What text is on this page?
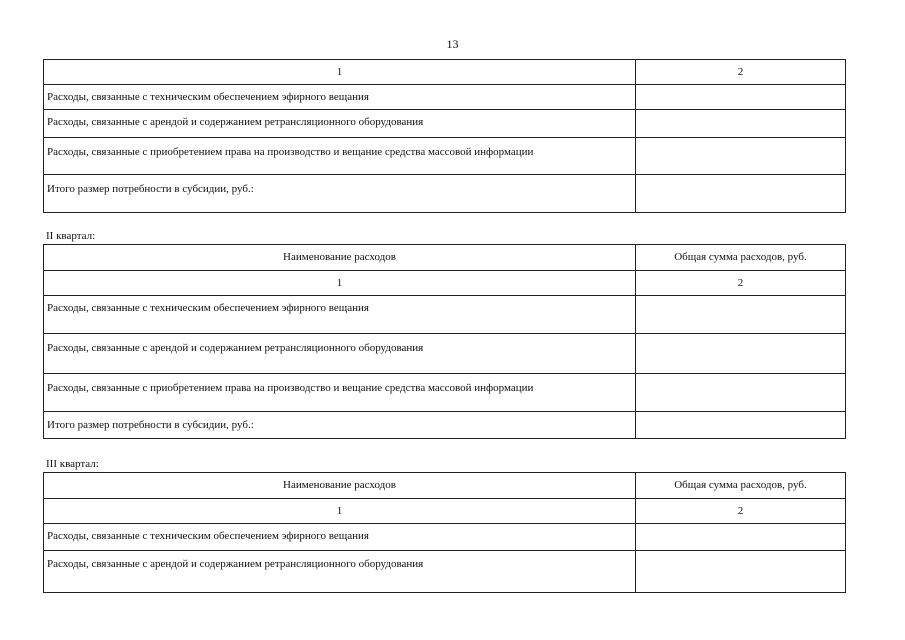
13
1	2
Расходы, связанные с техническим обеспечением эфирного вещания	
Расходы, связанные с арендой и содержанием ретрансляционного оборудования	
Расходы, связанные с приобретением права на производство и вещание средства массовой информации	
Итого размер потребности в субсидии, руб.:	
II квартал:
Наименование расходов	Общая сумма расходов, руб.
1	2
Расходы, связанные с техническим обеспечением эфирного вещания	
Расходы, связанные с арендой и содержанием ретрансляционного оборудования	
Расходы, связанные с приобретением права на производство и вещание средства массовой информации	
Итого размер потребности в субсидии, руб.:	
III квартал:
Наименование расходов	Общая сумма расходов, руб.
1	2
Расходы, связанные с техническим обеспечением эфирного вещания	
Расходы, связанные с арендой и содержанием ретрансляционного оборудования	
